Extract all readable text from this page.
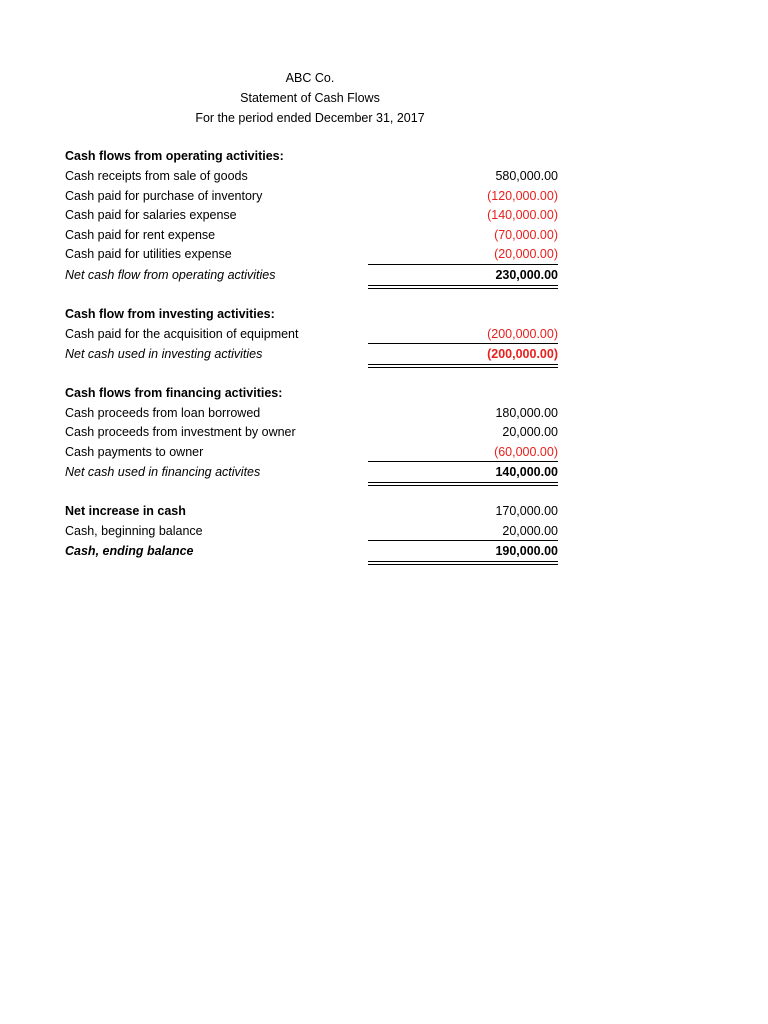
ABC Co.
Statement of Cash Flows
For the period ended December 31, 2017
Cash flows from operating activities:
Cash receipts from sale of goods	580,000.00
Cash paid for purchase of inventory	(120,000.00)
Cash paid for salaries expense	(140,000.00)
Cash paid for rent expense	(70,000.00)
Cash paid for utilities expense	(20,000.00)
Net cash flow from operating activities	230,000.00
Cash flow from investing activities:
Cash paid for the acquisition of equipment	(200,000.00)
Net cash used in investing activities	(200,000.00)
Cash flows from financing activities:
Cash proceeds from loan borrowed	180,000.00
Cash proceeds from investment by owner	20,000.00
Cash payments to owner	(60,000.00)
Net cash used in financing activites	140,000.00
Net increase in cash	170,000.00
Cash, beginning balance	20,000.00
Cash, ending balance	190,000.00
